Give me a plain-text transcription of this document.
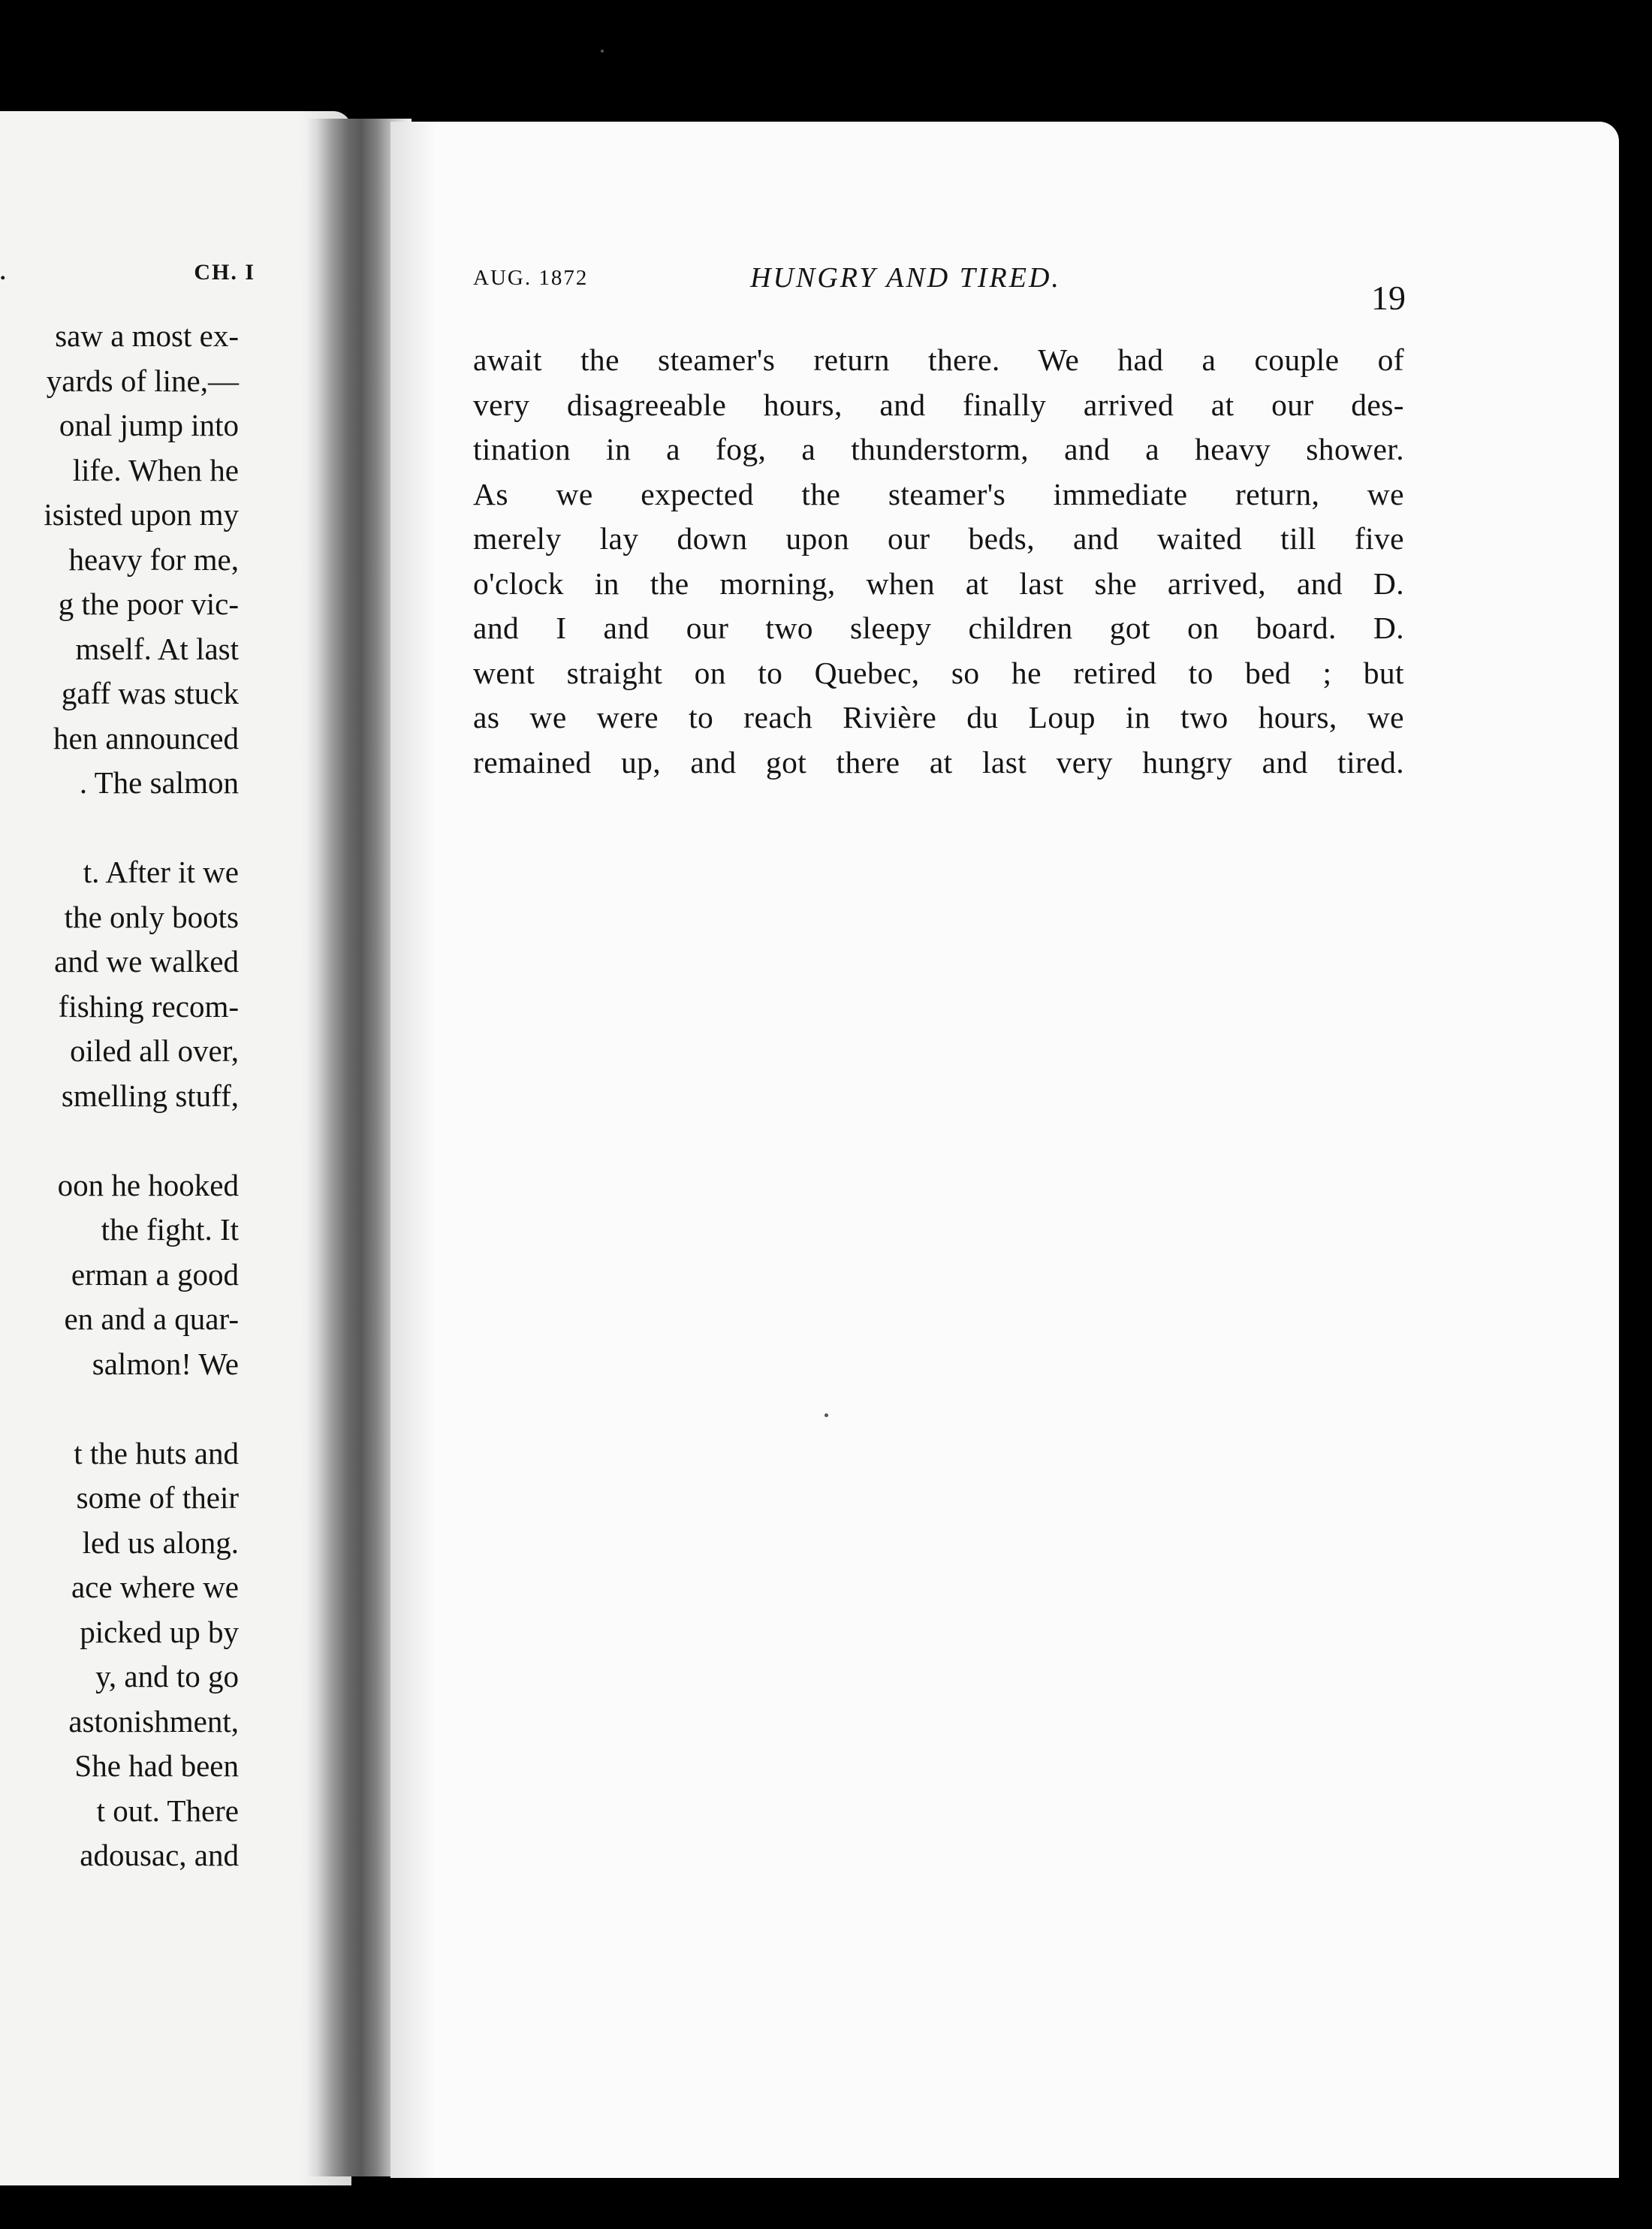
.	CH. I
saw a most ex-
yards of line,—
onal jump into
life. When he
isisted upon my
heavy for me,
g the poor vic-
mself. At last
gaff was stuck
hen announced
. The salmon
t. After it we
the only boots
and we walked
fishing recom-
oiled all over,
smelling stuff,
oon he hooked
the fight. It
erman a good
en and a quar-
salmon! We
t the huts and
some of their
led us along.
ace where we
picked up by
y, and to go
astonishment,
She had been
t out. There
adousac, and
AUG. 1872	HUNGRY AND TIRED.
19
await the steamer's return there. We had a couple of
very disagreeable hours, and finally arrived at our des-
tination in a fog, a thunderstorm, and a heavy shower.
As we expected the steamer's immediate return, we
merely lay down upon our beds, and waited till five
o'clock in the morning, when at last she arrived, and D.
and I and our two sleepy children got on board. D.
went straight on to Quebec, so he retired to bed ; but
as we were to reach Rivière du Loup in two hours, we
remained up, and got there at last very hungry and tired.
